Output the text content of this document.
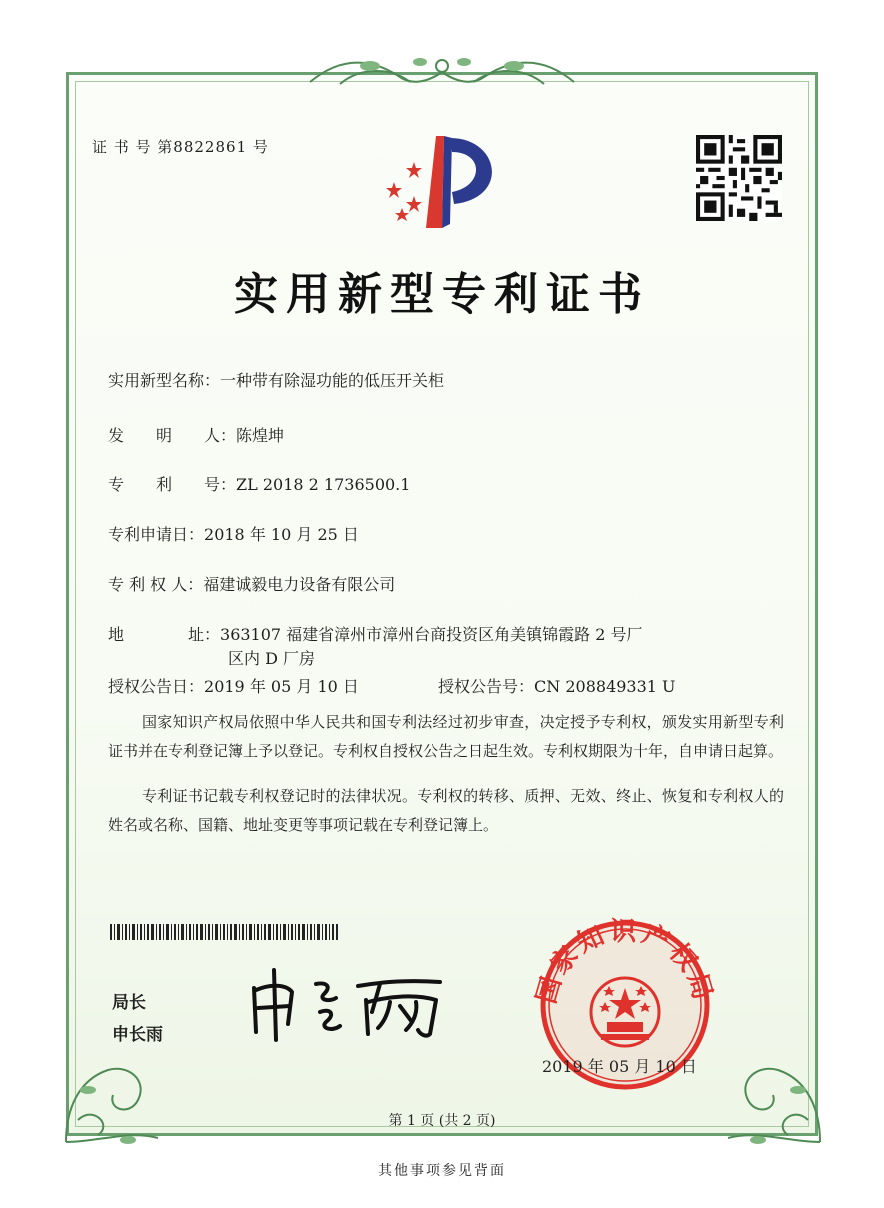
证 书 号 第8822861 号
实用新型专利证书
实用新型名称：一种带有除湿功能的低压开关柜
发　　明　　人：陈煌坤
专　　利　　号：ZL 2018 2 1736500.1
专利申请日：2018 年 10 月 25 日
专 利 权 人：福建诚毅电力设备有限公司
地　　　　址：363107 福建省漳州市漳州台商投资区角美镇锦霞路 2 号厂
区内 D 厂房
授权公告日：2019 年 05 月 10 日	授权公告号：CN 208849331 U
国家知识产权局依照中华人民共和国专利法经过初步审查，决定授予专利权，颁发实用新型专利证书并在专利登记簿上予以登记。专利权自授权公告之日起生效。专利权期限为十年，自申请日起算。
专利证书记载专利权登记时的法律状况。专利权的转移、质押、无效、终止、恢复和专利权人的姓名或名称、国籍、地址变更等事项记载在专利登记簿上。
局长
申长雨
国家知识产权局
2019 年 05 月 10 日
第 1 页 (共 2 页)
其他事项参见背面
